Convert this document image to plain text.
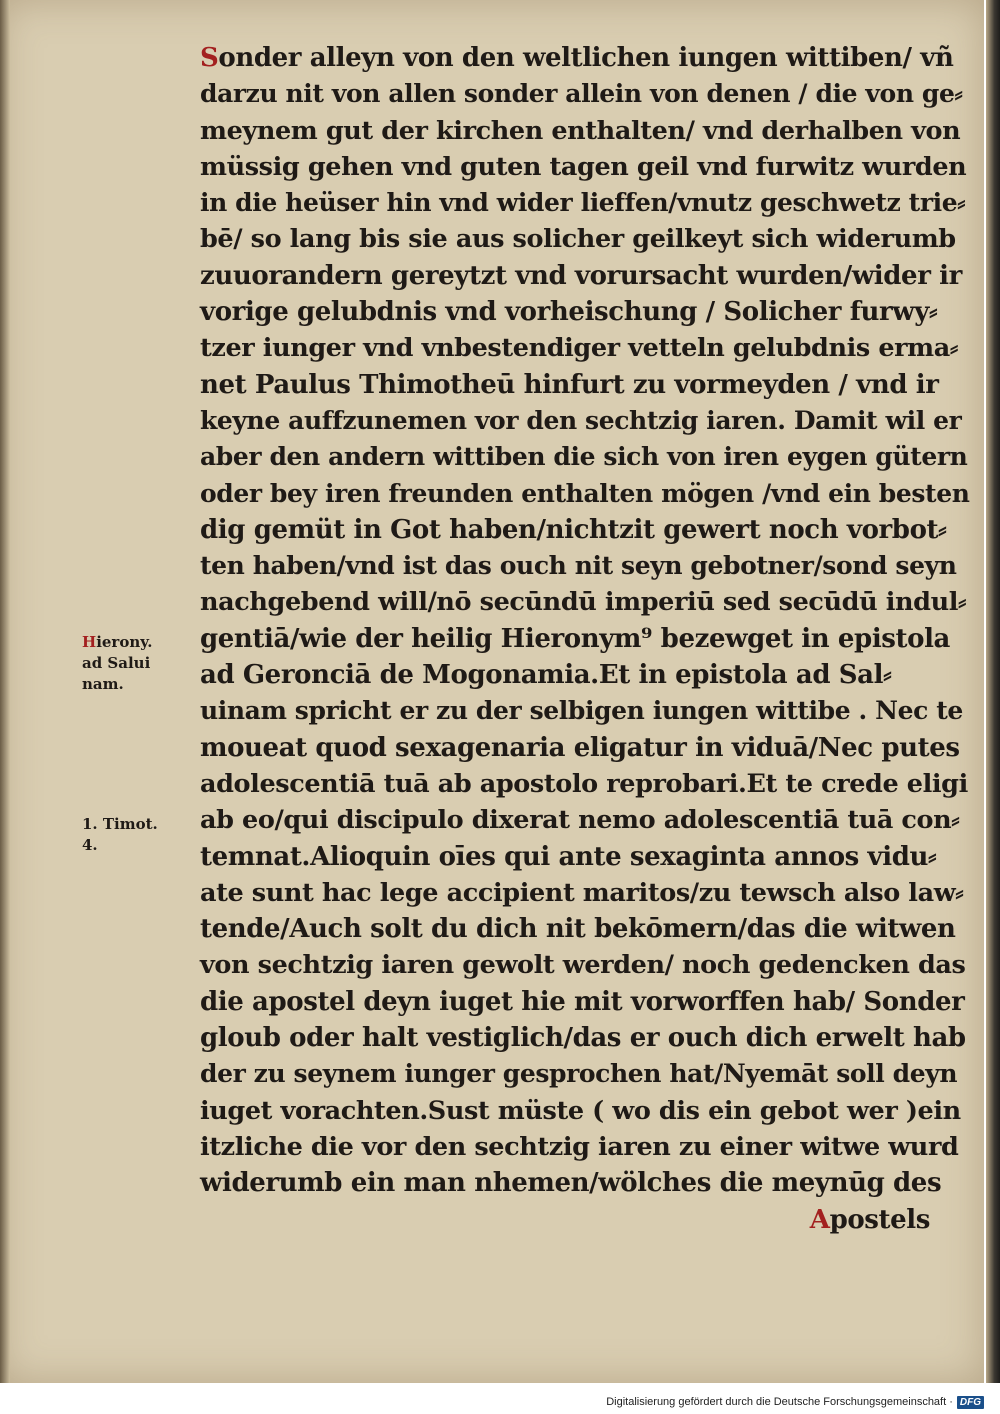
Sonder alleyn von den weltlichen iungen wittiben/ vñ
darzu nit von allen sonder allein von denen / die von ge⸗
meynem gut der kirchen enthalten/ vnd derhalben von
müssig gehen vnd guten tagen geil vnd furwitz wurden
in die heüser hin vnd wider lieffen/vnutz geschwetz trie⸗
bē/ so lang bis sie aus solicher geilkeyt sich widerumb
zuuorandern gereytzt vnd vorursacht wurden/wider ir
vorige gelubdnis vnd vorheischung / Solicher furwy⸗
tzer iunger vnd vnbestendiger vetteln gelubdnis erma⸗
net Paulus Thimotheū hinfurt zu vormeyden / vnd ir
keyne auffzunemen vor den sechtzig iaren. Damit wil er
aber den andern wittiben die sich von iren eygen gütern
oder bey iren freunden enthalten mögen /vnd ein besten
dig gemüt in Got haben/nichtzit gewert noch vorbot⸗
ten haben/vnd ist das ouch nit seyn gebotner/sond seyn
nachgebend will/nō secūndū imperiū sed secūdū indul⸗
gentiā/wie der heilig Hieronym⁹ bezewget in epistola
ad Geronciā de Mogonamia.Et in epistola ad Sal⸗
uinam spricht er zu der selbigen iungen wittibe . Nec te
moueat quod sexagenaria eligatur in viduā/Nec putes
adolescentiā tuā ab apostolo reprobari.Et te crede eligi
ab eo/qui discipulo dixerat nemo adolescentiā tuā con⸗
temnat.Alioquin oīes qui ante sexaginta annos vidu⸗
ate sunt hac lege accipient maritos/zu tewsch also law⸗
tende/Auch solt du dich nit bekōmern/das die witwen
von sechtzig iaren gewolt werden/ noch gedencken das
die apostel deyn iuget hie mit vorworffen hab/ Sonder
gloub oder halt vestiglich/das er ouch dich erwelt hab
der zu seynem iunger gesprochen hat/Nyemāt soll deyn
iuget vorachten.Sust müste ( wo dis ein gebot wer )ein
itzliche die vor den sechtzig iaren zu einer witwe wurd
widerumb ein man nhemen/wölches die meynūg des
Apostels
Hierony.
ad Salui
nam.
1. Timot.
4.
Digitalisierung gefördert durch die Deutsche Forschungsgemeinschaft · DFG
